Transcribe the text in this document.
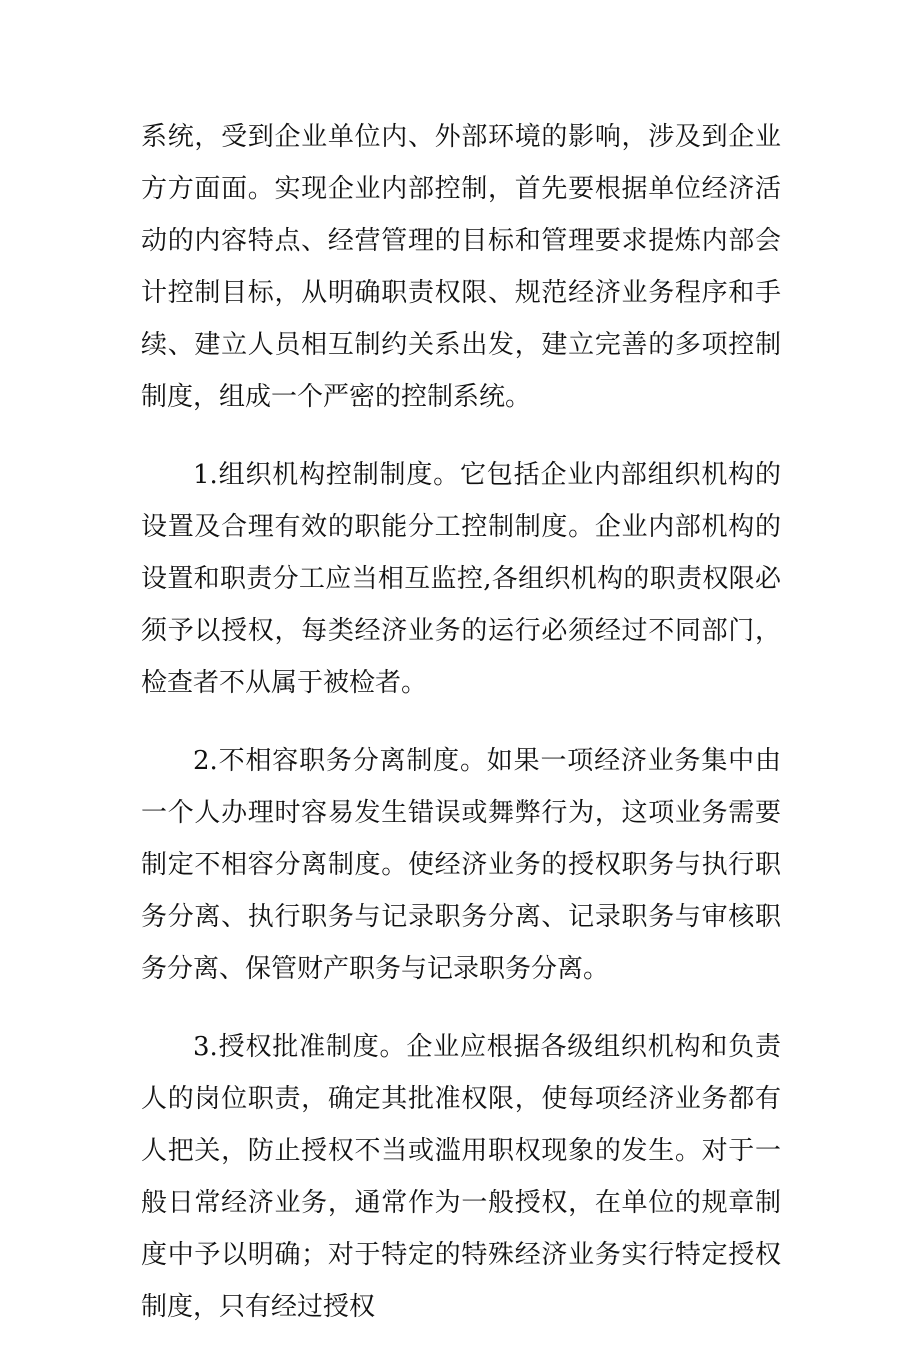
系统，受到企业单位内、外部环境的影响，涉及到企业方方面面。实现企业内部控制，首先要根据单位经济活动的内容特点、经营管理的目标和管理要求提炼内部会计控制目标，从明确职责权限、规范经济业务程序和手续、建立人员相互制约关系出发，建立完善的多项控制制度，组成一个严密的控制系统。

1.组织机构控制制度。它包括企业内部组织机构的设置及合理有效的职能分工控制制度。企业内部机构的设置和职责分工应当相互监控,各组织机构的职责权限必须予以授权，每类经济业务的运行必须经过不同部门，检查者不从属于被检者。

2.不相容职务分离制度。如果一项经济业务集中由一个人办理时容易发生错误或舞弊行为，这项业务需要制定不相容分离制度。使经济业务的授权职务与执行职务分离、执行职务与记录职务分离、记录职务与审核职务分离、保管财产职务与记录职务分离。

3.授权批准制度。企业应根据各级组织机构和负责人的岗位职责，确定其批准权限，使每项经济业务都有人把关，防止授权不当或滥用职权现象的发生。对于一般日常经济业务，通常作为一般授权，在单位的规章制度中予以明确；对于特定的特殊经济业务实行特定授权制度，只有经过授权
